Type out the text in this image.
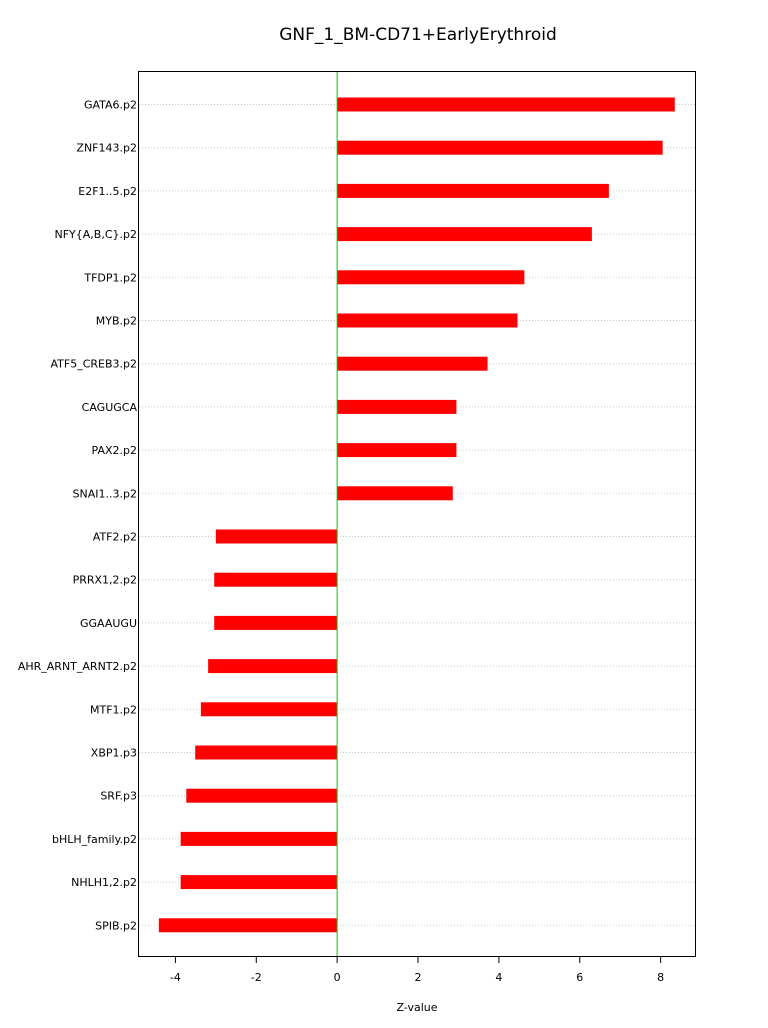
GNF_1_BM-CD71+EarlyErythroid
GATA6.p2
ZNF143.p2
E2F1..5.p2
NFY{A,B,C}.p2
TFDP1.p2
MYB.p2
ATF5_CREB3.p2
CAGUGCA
PAX2.p2
SNAI1..3.p2
ATF2.p2
PRRX1,2.p2
GGAAUGU
AHR_ARNT_ARNT2.p2
MTF1.p2
XBP1.p3
SRF.p3
bHLH_family.p2
NHLH1,2.p2
SPIB.p2
-4	-2	0	2	4	6	8
Z-value
